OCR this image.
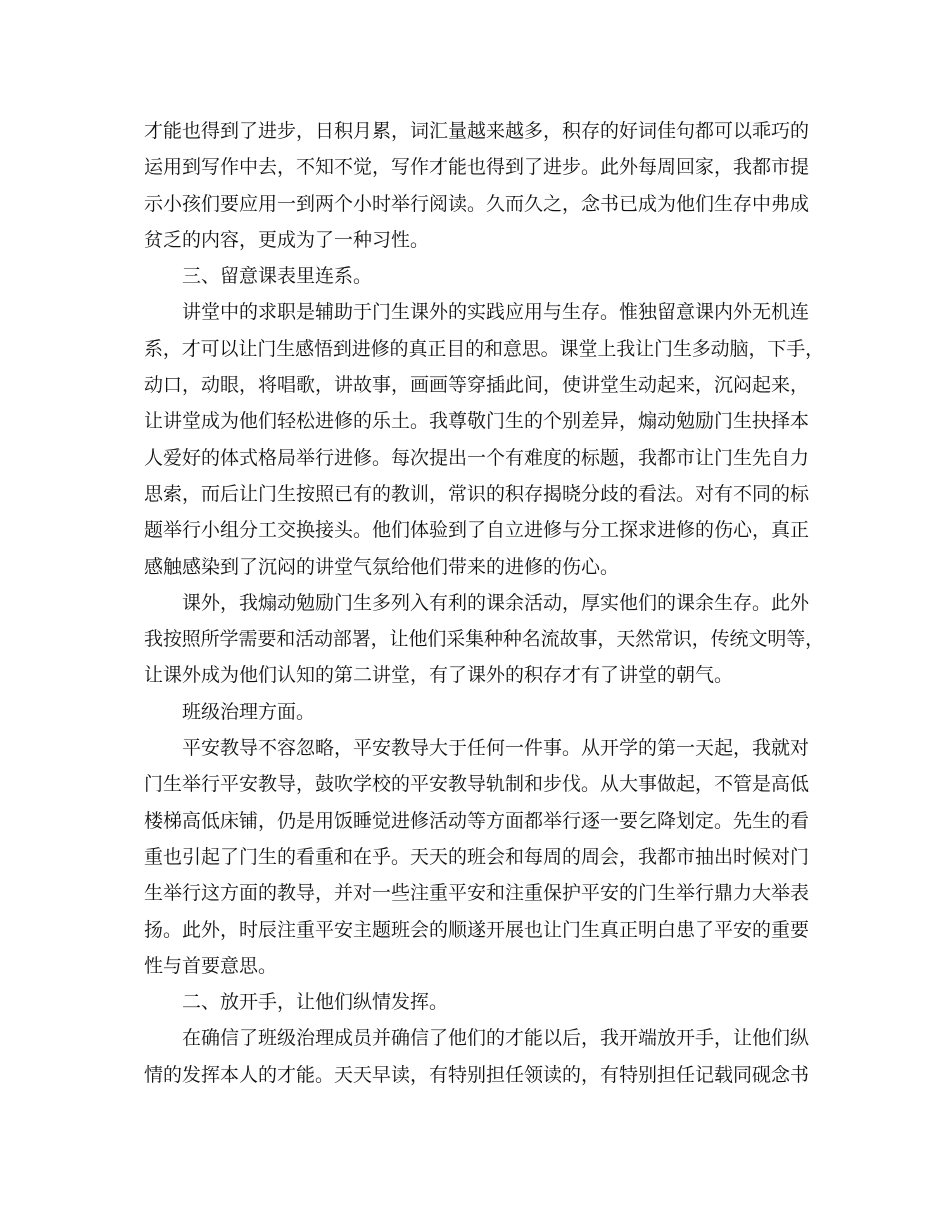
才能也得到了进步，日积月累，词汇量越来越多，积存的好词佳句都可以乖巧的
运用到写作中去，不知不觉，写作才能也得到了进步。此外每周回家，我都市提
示小孩们要应用一到两个小时举行阅读。久而久之，念书已成为他们生存中弗成
贫乏的内容，更成为了一种习性。
三、留意课表里连系。
讲堂中的求职是辅助于门生课外的实践应用与生存。惟独留意课内外无机连
系，才可以让门生感悟到进修的真正目的和意思。课堂上我让门生多动脑，下手，
动口，动眼，将唱歌，讲故事，画画等穿插此间，使讲堂生动起来，沉闷起来，
让讲堂成为他们轻松进修的乐土。我尊敬门生的个别差异，煽动勉励门生抉择本
人爱好的体式格局举行进修。每次提出一个有难度的标题，我都市让门生先自力
思索，而后让门生按照已有的教训，常识的积存揭晓分歧的看法。对有不同的标
题举行小组分工交换接头。他们体验到了自立进修与分工探求进修的伤心，真正
感触感染到了沉闷的讲堂气氛给他们带来的进修的伤心。
课外，我煽动勉励门生多列入有利的课余活动，厚实他们的课余生存。此外
我按照所学需要和活动部署，让他们采集种种名流故事，天然常识，传统文明等，
让课外成为他们认知的第二讲堂，有了课外的积存才有了讲堂的朝气。
班级治理方面。
平安教导不容忽略，平安教导大于任何一件事。从开学的第一天起，我就对
门生举行平安教导，鼓吹学校的平安教导轨制和步伐。从大事做起，不管是高低
楼梯高低床铺，仍是用饭睡觉进修活动等方面都举行逐一要乞降划定。先生的看
重也引起了门生的看重和在乎。天天的班会和每周的周会，我都市抽出时候对门
生举行这方面的教导，并对一些注重平安和注重保护平安的门生举行鼎力大举表
扬。此外，时辰注重平安主题班会的顺遂开展也让门生真正明白患了平安的重要
性与首要意思。
二、放开手，让他们纵情发挥。
在确信了班级治理成员并确信了他们的才能以后，我开端放开手，让他们纵
情的发挥本人的才能。天天早读，有特别担任领读的，有特别担任记载同砚念书
